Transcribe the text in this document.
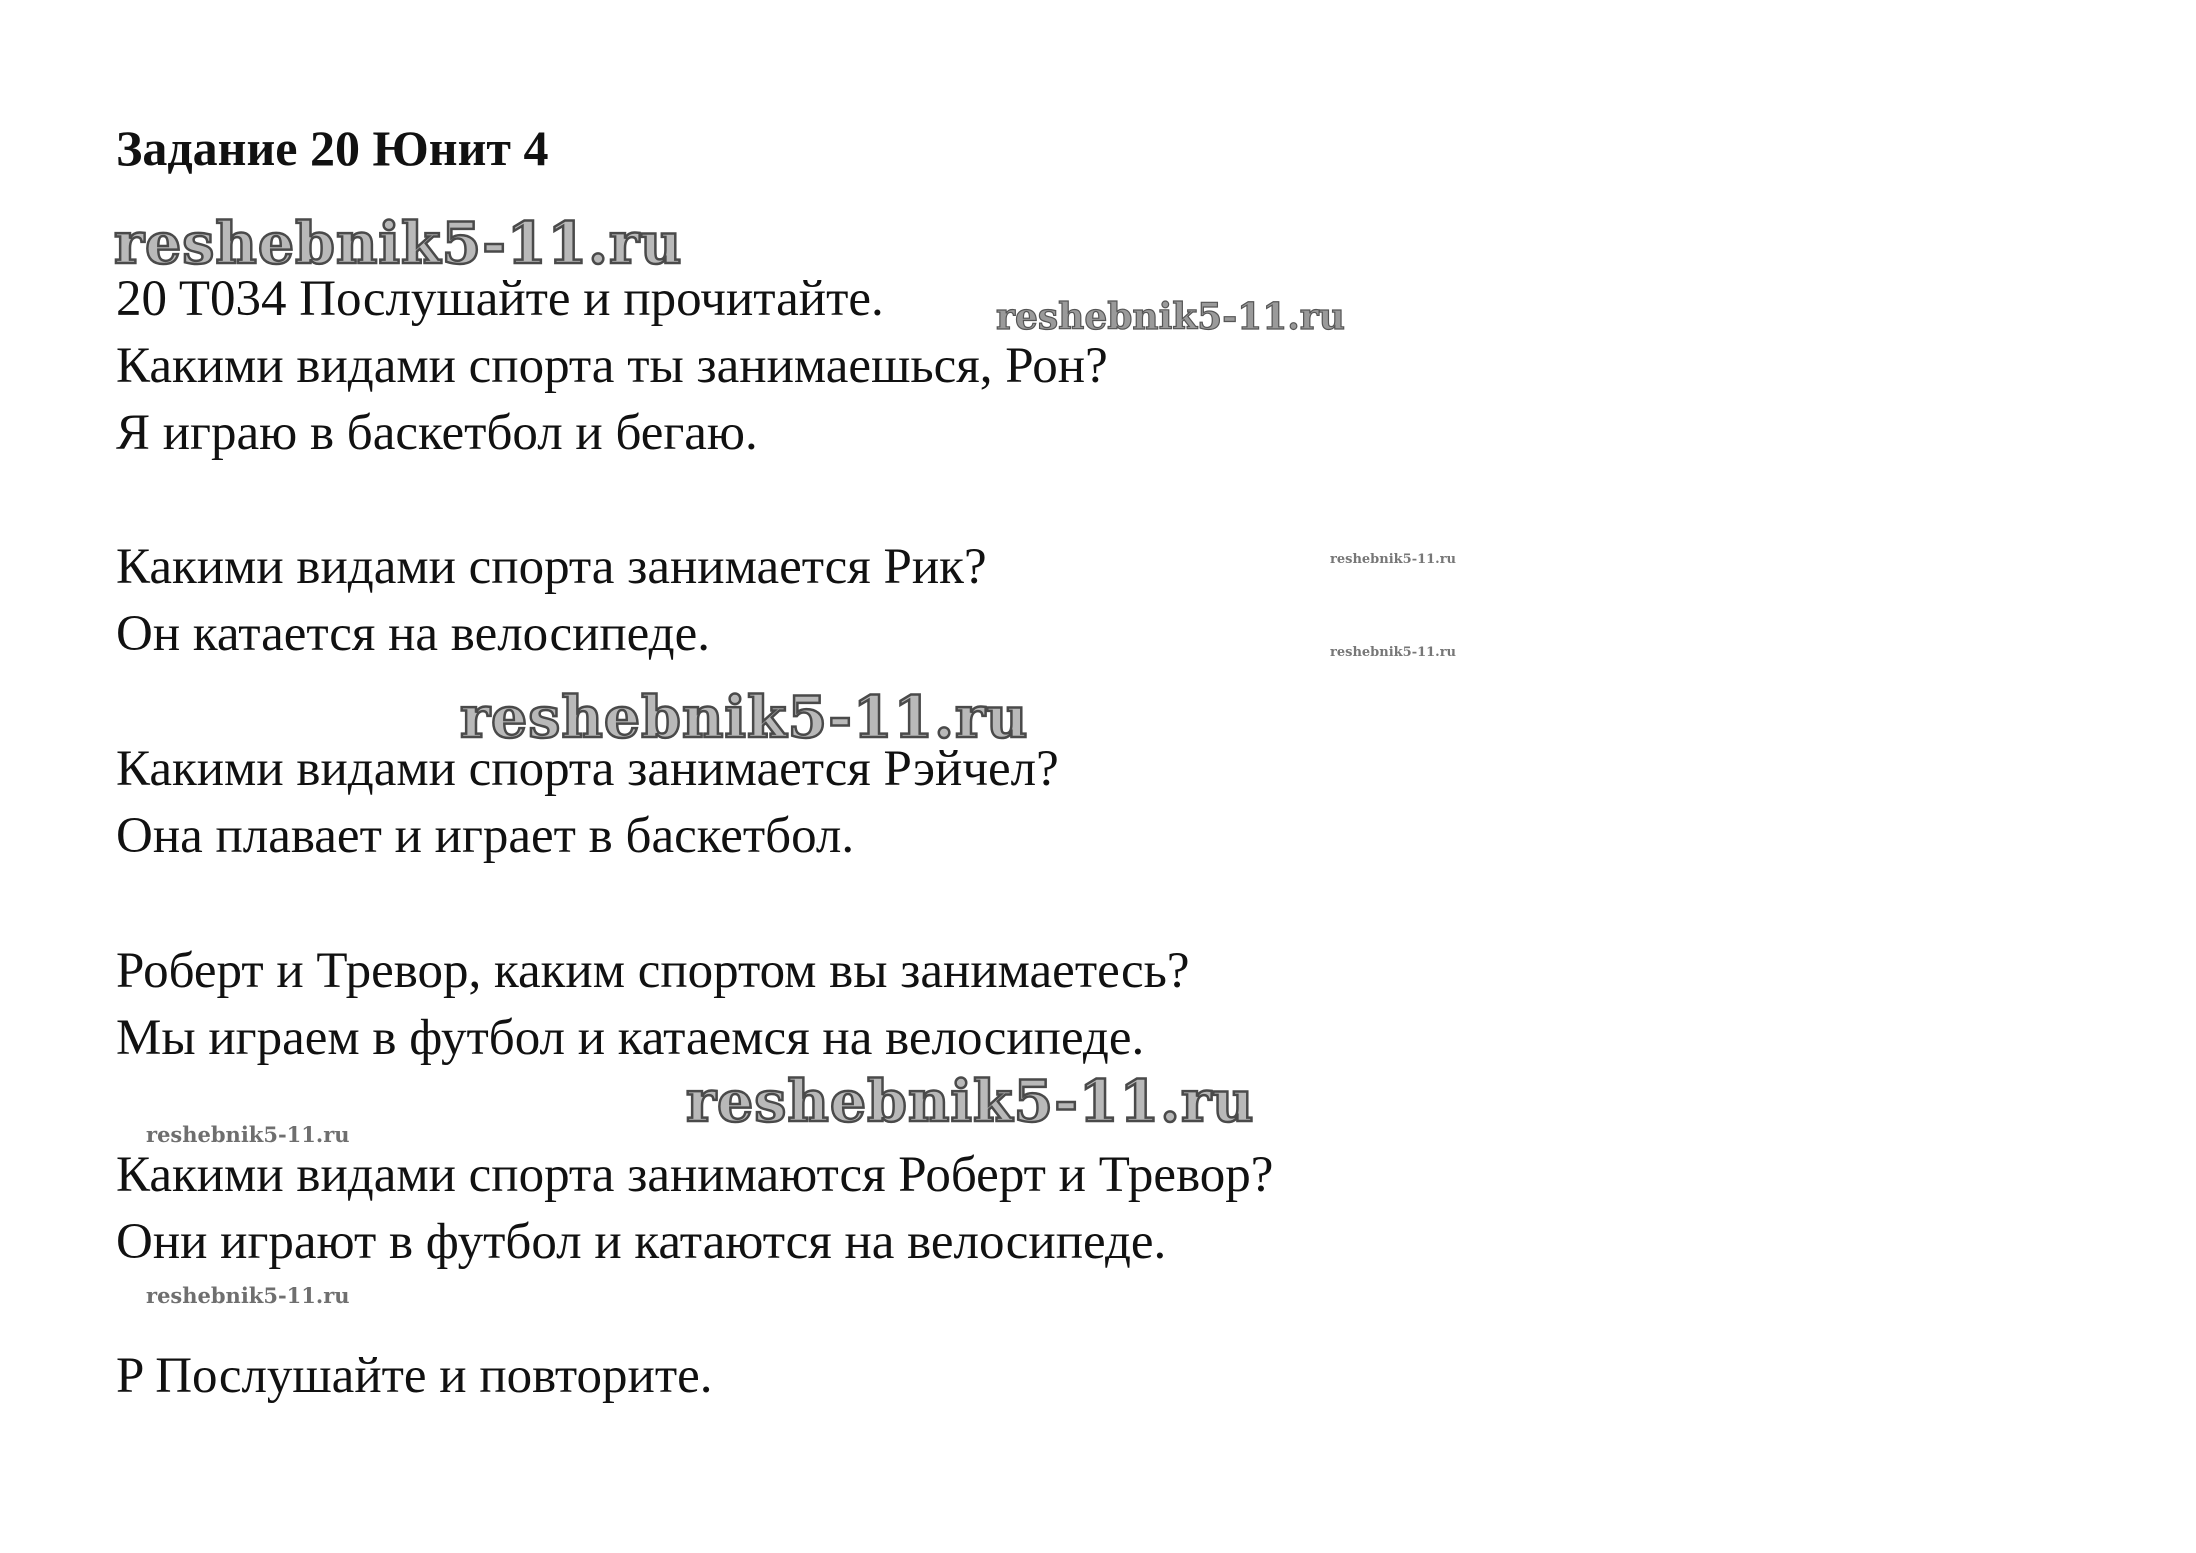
Задание 20 Юнит 4
reshebnik5-11.ru
20 T034 Послушайте и прочитайте.	reshebnik5-11.ru
Какими видами спорта ты занимаешься, Рон?
Я играю в баскетбол и бегаю.
Какими видами спорта занимается Рик?	reshebnik5-11.ru
Он катается на велосипеде.	reshebnik5-11.ru
reshebnik5-11.ru
Какими видами спорта занимается Рэйчел?
Она плавает и играет в баскетбол.
Роберт и Тревор, каким спортом вы занимаетесь?
Мы играем в футбол и катаемся на велосипеде.
reshebnik5-11.ru
reshebnik5-11.ru
Какими видами спорта занимаются Роберт и Тревор?
Они играют в футбол и катаются на велосипеде.
reshebnik5-11.ru
P Послушайте и повторите.
